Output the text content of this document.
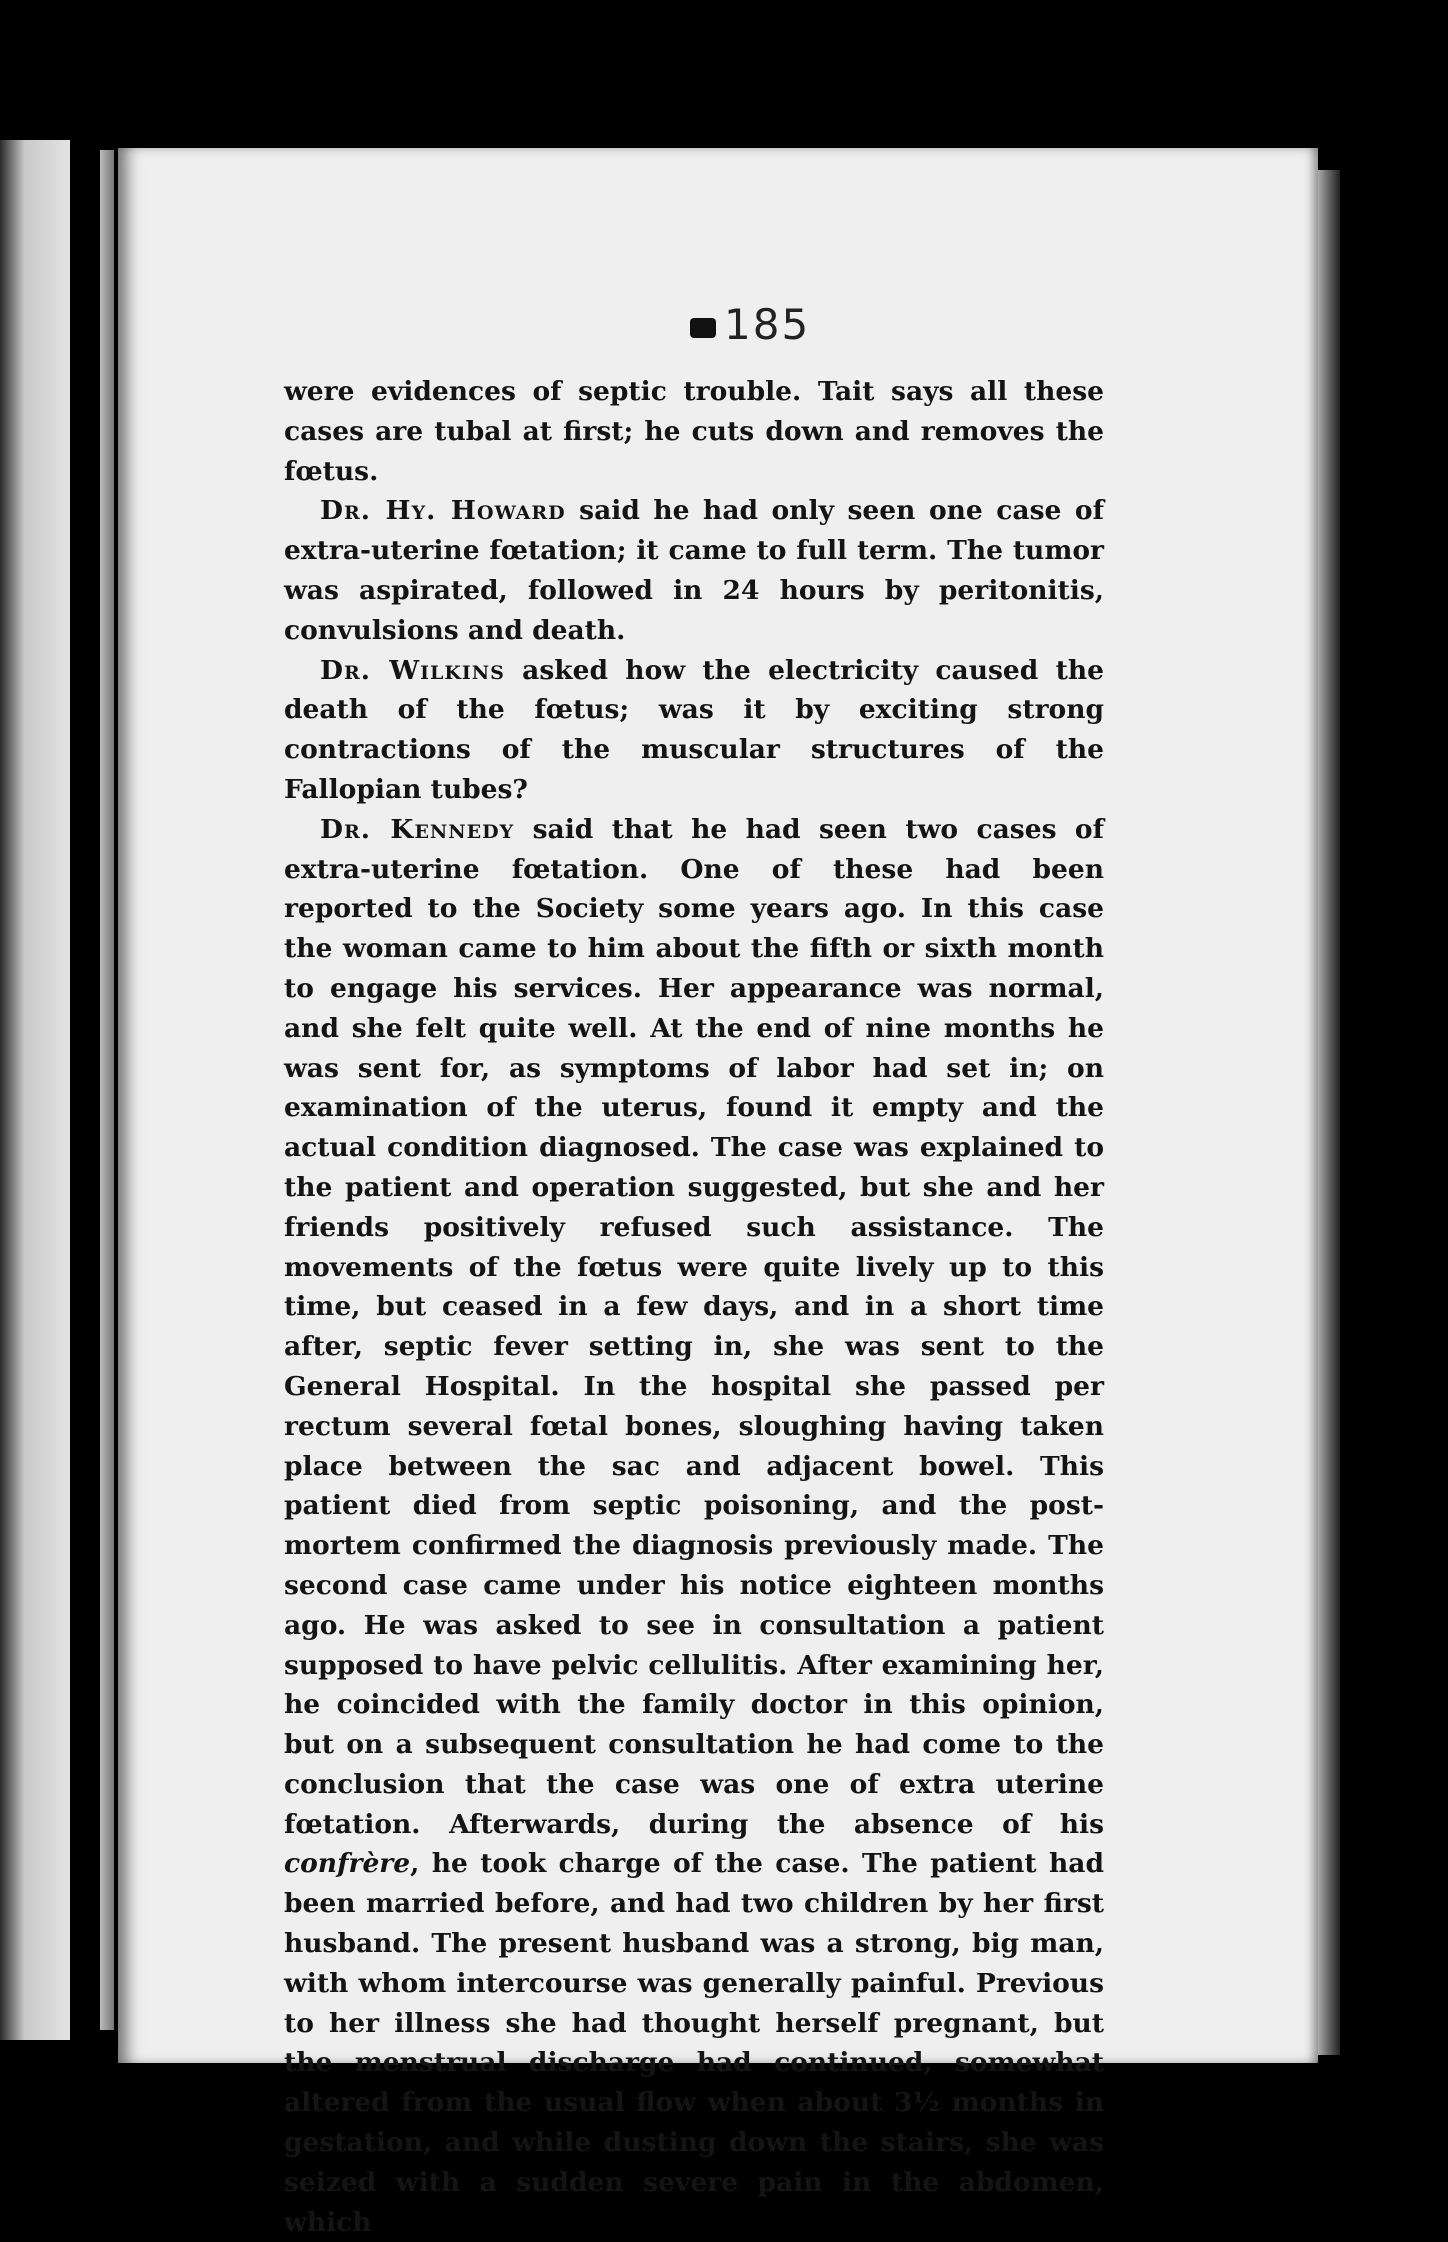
185

were evidences of septic trouble. Tait says all these cases are tubal at first; he cuts down and removes the fœtus.

Dr. Hy. Howard said he had only seen one case of extra-uterine fœtation; it came to full term. The tumor was aspirated, followed in 24 hours by peritonitis, convulsions and death.

Dr. Wilkins asked how the electricity caused the death of the fœtus; was it by exciting strong contractions of the muscular structures of the Fallopian tubes?

Dr. Kennedy said that he had seen two cases of extra-uterine fœtation. One of these had been reported to the Society some years ago. In this case the woman came to him about the fifth or sixth month to engage his services. Her appearance was normal, and she felt quite well. At the end of nine months he was sent for, as symptoms of labor had set in; on examination of the uterus, found it empty and the actual condition diagnosed. The case was explained to the patient and operation suggested, but she and her friends positively refused such assistance. The movements of the fœtus were quite lively up to this time, but ceased in a few days, and in a short time after, septic fever setting in, she was sent to the General Hospital. In the hospital she passed per rectum several fœtal bones, sloughing having taken place between the sac and adjacent bowel. This patient died from septic poisoning, and the post-mortem confirmed the diagnosis previously made. The second case came under his notice eighteen months ago. He was asked to see in consultation a patient supposed to have pelvic cellulitis. After examining her, he coincided with the family doctor in this opinion, but on a subsequent consultation he had come to the conclusion that the case was one of extra uterine fœtation. Afterwards, during the absence of his confrère, he took charge of the case. The patient had been married before, and had two children by her first husband. The present husband was a strong, big man, with whom intercourse was generally painful. Previous to her illness she had thought herself pregnant, but the menstrual discharge had continued, somewhat altered from the usual flow when about 3½ months in gestation, and while dusting down the stairs, she was seized with a sudden severe pain in the abdomen, which
